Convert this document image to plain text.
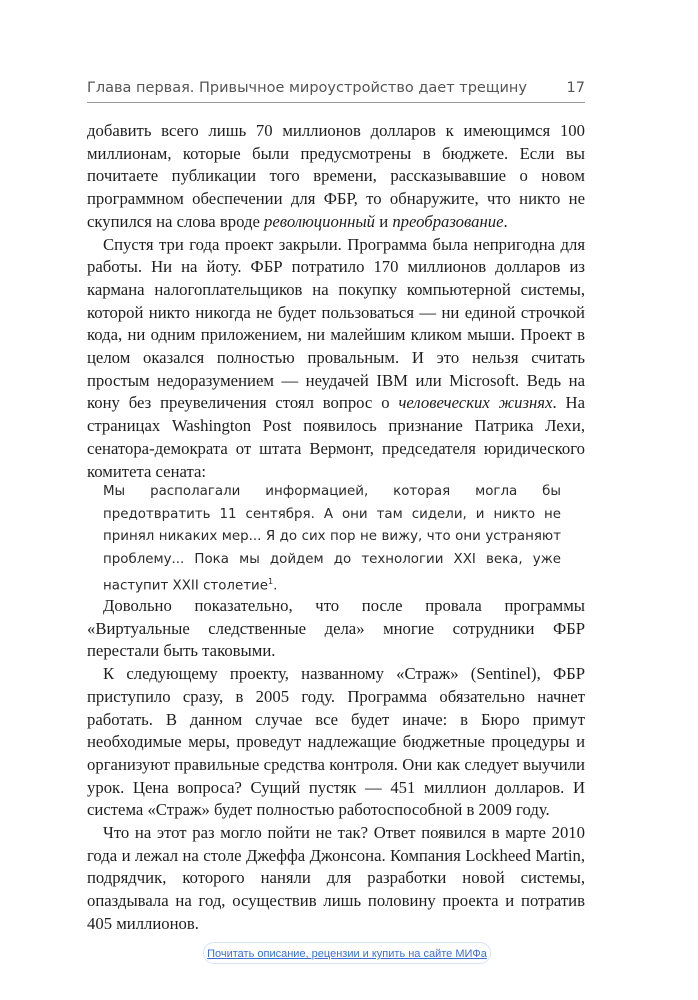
Глава первая. Привычное мироустройство дает трещину	17

добавить всего лишь 70 миллионов долларов к имеющимся 100 миллионам, которые были предусмотрены в бюджете. Если вы почитаете публикации того времени, рассказывавшие о новом программном обеспечении для ФБР, то обнаружите, что никто не скупился на слова вроде революционный и преобразование.

Спустя три года проект закрыли. Программа была непригодна для работы. Ни на йоту. ФБР потратило 170 миллионов долларов из кармана налогоплательщиков на покупку компьютерной системы, которой никто никогда не будет пользоваться — ни единой строчкой кода, ни одним приложением, ни малейшим кликом мыши. Проект в целом оказался полностью провальным. И это нельзя считать простым недоразумением — неудачей IBM или Microsoft. Ведь на кону без преувеличения стоял вопрос о человеческих жизнях. На страницах Washington Post появилось признание Патрика Лехи, сенатора-демократа от штата Вермонт, председателя юридического комитета сената:

Мы располагали информацией, которая могла бы предотвратить 11 сентября. А они там сидели, и никто не принял никаких мер... Я до сих пор не вижу, что они устраняют проблему... Пока мы дойдем до технологии XXI века, уже наступит XXII столетие$^1$.

Довольно показательно, что после провала программы «Виртуальные следственные дела» многие сотрудники ФБР перестали быть таковыми.

К следующему проекту, названному «Страж» (Sentinel), ФБР приступило сразу, в 2005 году. Программа обязательно начнет работать. В данном случае все будет иначе: в Бюро примут необходимые меры, проведут надлежащие бюджетные процедуры и организуют правильные средства контроля. Они как следует выучили урок. Цена вопроса? Сущий пустяк — 451 миллион долларов. И система «Страж» будет полностью работоспособной в 2009 году.

Что на этот раз могло пойти не так? Ответ появился в марте 2010 года и лежал на столе Джеффа Джонсона. Компания Lockheed Martin, подрядчик, которого наняли для разработки новой системы, опаздывала на год, осуществив лишь половину проекта и потратив 405 миллионов.

Почитать описание, рецензии и купить на сайте МИФа
